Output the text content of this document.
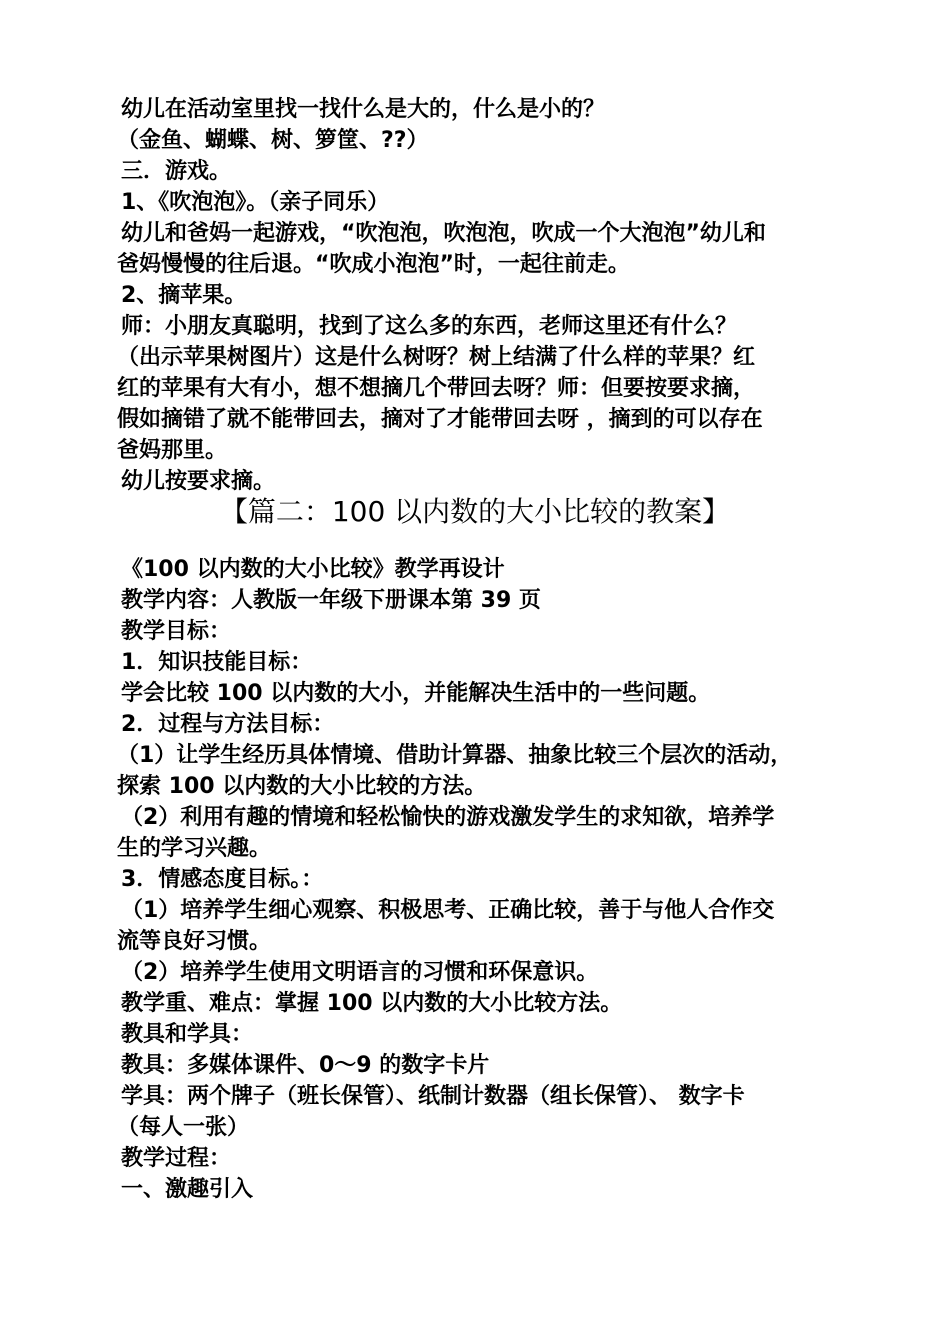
幼儿在活动室里找一找什么是大的，什么是小的？
（金鱼、蝴蝶、树、箩筐、??）
三．游戏。
1、《吹泡泡》。（亲子同乐）
幼儿和爸妈一起游戏，“吹泡泡，吹泡泡，吹成一个大泡泡”幼儿和
爸妈慢慢的往后退。“吹成小泡泡”时，一起往前走。
2、摘苹果。
师：小朋友真聪明，找到了这么多的东西，老师这里还有什么？
（出示苹果树图片）这是什么树呀？树上结满了什么样的苹果？红
红的苹果有大有小，想不想摘几个带回去呀？师：但要按要求摘，
假如摘错了就不能带回去，摘对了才能带回去呀 ，摘到的可以存在
爸妈那里。
幼儿按要求摘。
【篇二：100 以内数的大小比较的教案】
《100 以内数的大小比较》教学再设计
教学内容：人教版一年级下册课本第 39 页
教学目标：
1．知识技能目标：
学会比较 100 以内数的大小，并能解决生活中的一些问题。
2．过程与方法目标：
（1）让学生经历具体情境、借助计算器、抽象比较三个层次的活动，
探索 100 以内数的大小比较的方法。
（2）利用有趣的情境和轻松愉快的游戏激发学生的求知欲，培养学
生的学习兴趣。
3．情感态度目标。：
（1）培养学生细心观察、积极思考、正确比较，善于与他人合作交
流等良好习惯。
（2）培养学生使用文明语言的习惯和环保意识。
教学重、难点：掌握 100 以内数的大小比较方法。
教具和学具：
教具：多媒体课件、0～9 的数字卡片
学具：两个牌子（班长保管）、纸制计数器（组长保管）、 数字卡
（每人一张）
教学过程：
一、激趣引入
